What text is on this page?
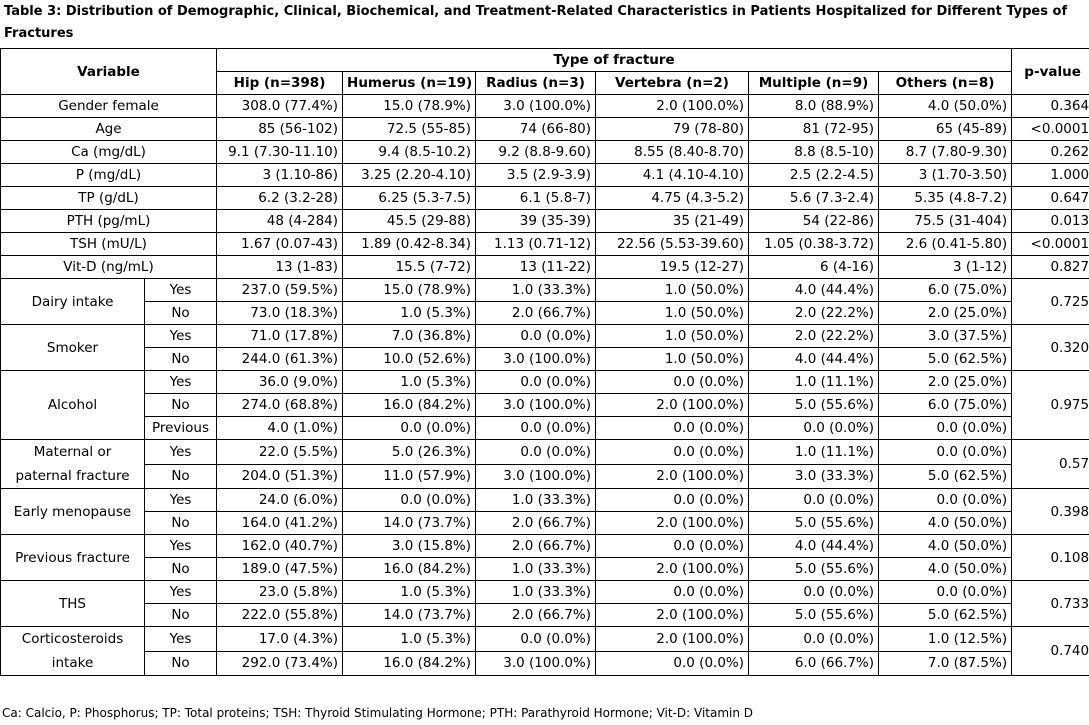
Table 3: Distribution of Demographic, Clinical, Biochemical, and Treatment-Related Characteristics in Patients Hospitalized for Different Types of Fractures
Variable		Type of fracture						p-value
		Hip (n=398)	Humerus (n=19)	Radius (n=3)	Vertebra (n=2)	Multiple (n=9)	Others (n=8)	
Gender female		308.0 (77.4%)	15.0 (78.9%)	3.0 (100.0%)	2.0 (100.0%)	8.0 (88.9%)	4.0 (50.0%)	0.364
Age		85 (56-102)	72.5 (55-85)	74 (66-80)	79 (78-80)	81 (72-95)	65 (45-89)	<0.0001
Ca (mg/dL)		9.1 (7.30-11.10)	9.4 (8.5-10.2)	9.2 (8.8-9.60)	8.55 (8.40-8.70)	8.8 (8.5-10)	8.7 (7.80-9.30)	0.262
P (mg/dL)		3 (1.10-86)	3.25 (2.20-4.10)	3.5 (2.9-3.9)	4.1 (4.10-4.10)	2.5 (2.2-4.5)	3 (1.70-3.50)	1.000
TP (g/dL)		6.2 (3.2-28)	6.25 (5.3-7.5)	6.1 (5.8-7)	4.75 (4.3-5.2)	5.6 (7.3-2.4)	5.35 (4.8-7.2)	0.647
PTH (pg/mL)		48 (4-284)	45.5 (29-88)	39 (35-39)	35 (21-49)	54 (22-86)	75.5 (31-404)	0.013
TSH (mU/L)		1.67 (0.07-43)	1.89 (0.42-8.34)	1.13 (0.71-12)	22.56 (5.53-39.60)	1.05 (0.38-3.72)	2.6 (0.41-5.80)	<0.0001
Vit-D (ng/mL)		13 (1-83)	15.5 (7-72)	13 (11-22)	19.5 (12-27)	6 (4-16)	3 (1-12)	0.827
Dairy intake	Yes	237.0 (59.5%)	15.0 (78.9%)	1.0 (33.3%)	1.0 (50.0%)	4.0 (44.4%)	6.0 (75.0%)	0.725
	No	73.0 (18.3%)	1.0 (5.3%)	2.0 (66.7%)	1.0 (50.0%)	2.0 (22.2%)	2.0 (25.0%)	
Smoker	Yes	71.0 (17.8%)	7.0 (36.8%)	0.0 (0.0%)	1.0 (50.0%)	2.0 (22.2%)	3.0 (37.5%)	0.320
	No	244.0 (61.3%)	10.0 (52.6%)	3.0 (100.0%)	1.0 (50.0%)	4.0 (44.4%)	5.0 (62.5%)	
Alcohol	Yes	36.0 (9.0%)	1.0 (5.3%)	0.0 (0.0%)	0.0 (0.0%)	1.0 (11.1%)	2.0 (25.0%)	0.975
	No	274.0 (68.8%)	16.0 (84.2%)	3.0 (100.0%)	2.0 (100.0%)	5.0 (55.6%)	6.0 (75.0%)	
	Previous	4.0 (1.0%)	0.0 (0.0%)	0.0 (0.0%)	0.0 (0.0%)	0.0 (0.0%)	0.0 (0.0%)	
Maternal or paternal fracture	Yes	22.0 (5.5%)	5.0 (26.3%)	0.0 (0.0%)	0.0 (0.0%)	1.0 (11.1%)	0.0 (0.0%)	0.57
	No	204.0 (51.3%)	11.0 (57.9%)	3.0 (100.0%)	2.0 (100.0%)	3.0 (33.3%)	5.0 (62.5%)	
Early menopause	Yes	24.0 (6.0%)	0.0 (0.0%)	1.0 (33.3%)	0.0 (0.0%)	0.0 (0.0%)	0.0 (0.0%)	0.398
	No	164.0 (41.2%)	14.0 (73.7%)	2.0 (66.7%)	2.0 (100.0%)	5.0 (55.6%)	4.0 (50.0%)	
Previous fracture	Yes	162.0 (40.7%)	3.0 (15.8%)	2.0 (66.7%)	0.0 (0.0%)	4.0 (44.4%)	4.0 (50.0%)	0.108
	No	189.0 (47.5%)	16.0 (84.2%)	1.0 (33.3%)	2.0 (100.0%)	5.0 (55.6%)	4.0 (50.0%)	
THS	Yes	23.0 (5.8%)	1.0 (5.3%)	1.0 (33.3%)	0.0 (0.0%)	0.0 (0.0%)	0.0 (0.0%)	0.733
	No	222.0 (55.8%)	14.0 (73.7%)	2.0 (66.7%)	2.0 (100.0%)	5.0 (55.6%)	5.0 (62.5%)	
Corticosteroids intake	Yes	17.0 (4.3%)	1.0 (5.3%)	0.0 (0.0%)	2.0 (100.0%)	0.0 (0.0%)	1.0 (12.5%)	0.740
	No	292.0 (73.4%)	16.0 (84.2%)	3.0 (100.0%)	0.0 (0.0%)	6.0 (66.7%)	7.0 (87.5%)	
Ca: Calcio, P: Phosphorus; TP: Total proteins; TSH: Thyroid Stimulating Hormone; PTH: Parathyroid Hormone; Vit-D: Vitamin D
